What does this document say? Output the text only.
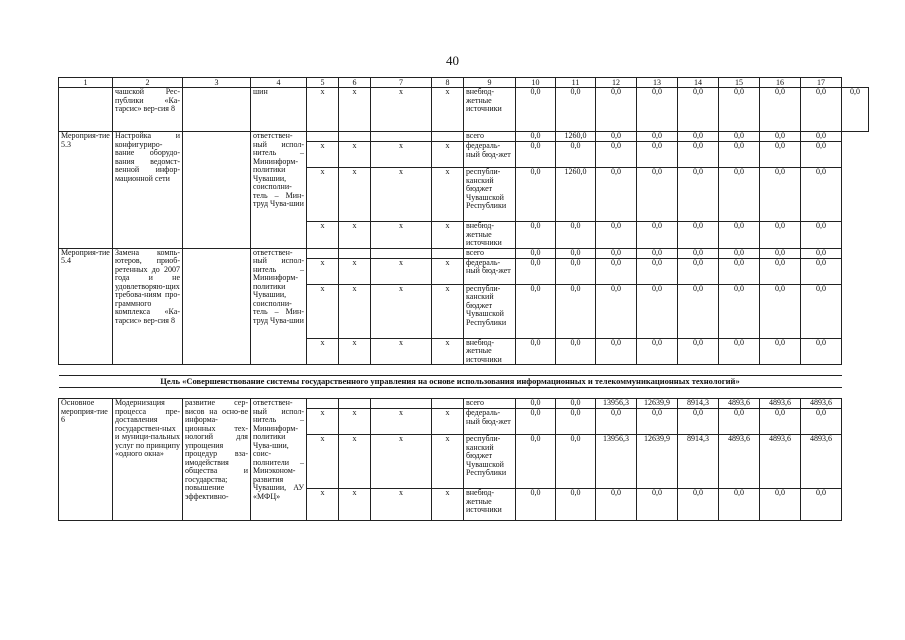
40
1	2	3	4	5	6	7	8	9	10	11	12	13	14	15	16	17	
	чашской Рес-публики «Ка-тарсис» вер-сия 8		шин	x	x	x	x	внебюд-жетные источники	0,0	0,0	0,0	0,0	0,0	0,0	0,0	0,0	0,0
Мероприя-тие 5.3	Настройка и конфигуриро-вание оборудо-вания ведомст-венной инфор-мационной сети		ответствен-ный испол-нитель – Мининформ-политики Чувашии, соисполни-тель – Мин-труд Чува-шии					всего	0,0	1260,0	0,0	0,0	0,0	0,0	0,0	0,0	
				x	x	x	x	федераль-ный бюд-жет	0,0	0,0	0,0	0,0	0,0	0,0	0,0	0,0	
				x	x	x	x	республи-канский бюджет Чувашской Республики	0,0	1260,0	0,0	0,0	0,0	0,0	0,0	0,0	
				x	x	x	x	внебюд-жетные источники	0,0	0,0	0,0	0,0	0,0	0,0	0,0	0,0	
Мероприя-тие 5.4	Замена компь-ютеров, приоб-ретенных до 2007 года и не удовлетворяю-щих требова-ниям про-граммного комплекса «Ка-тарсис» вер-сия 8		ответствен-ный испол-нитель – Мининформ-политики Чувашии, соисполни-тель – Мин-труд Чува-шии					всего	0,0	0,0	0,0	0,0	0,0	0,0	0,0	0,0	
				x	x	x	x	федераль-ный бюд-жет	0,0	0,0	0,0	0,0	0,0	0,0	0,0	0,0	
				x	x	x	x	республи-канский бюджет Чувашской Республики	0,0	0,0	0,0	0,0	0,0	0,0	0,0	0,0	
				x	x	x	x	внебюд-жетные источники	0,0	0,0	0,0	0,0	0,0	0,0	0,0	0,0	

Цель «Совершенствование системы государственного управления на основе использования информационных и телекоммуникационных технологий»																	

Основное мероприя-тие 6	Модернизация процесса пре-доставления государствен-ных и муници-пальных услуг по принципу «одного окна»	развитие сер-висов на осно-ве информа-ционных тех-нологий для упрощения процедур вза-имодействия общества и государства; повышение эффективно-	ответствен-ный испол-нитель – Мининформ-политики Чува-шии, соис-полнители – Минэконом-развития Чувашии, АУ «МФЦ»					всего	0,0	0,0	13956,3	12639,9	8914,3	4893,6	4893,6	4893,6	
				x	x	x	x	федераль-ный бюд-жет	0,0	0,0	0,0	0,0	0,0	0,0	0,0	0,0	
				x	x	x	x	республи-канский бюджет Чувашской Республики	0,0	0,0	13956,3	12639,9	8914,3	4893,6	4893,6	4893,6	
				x	x	x	x	внебюд-жетные источники	0,0	0,0	0,0	0,0	0,0	0,0	0,0	0,0	
